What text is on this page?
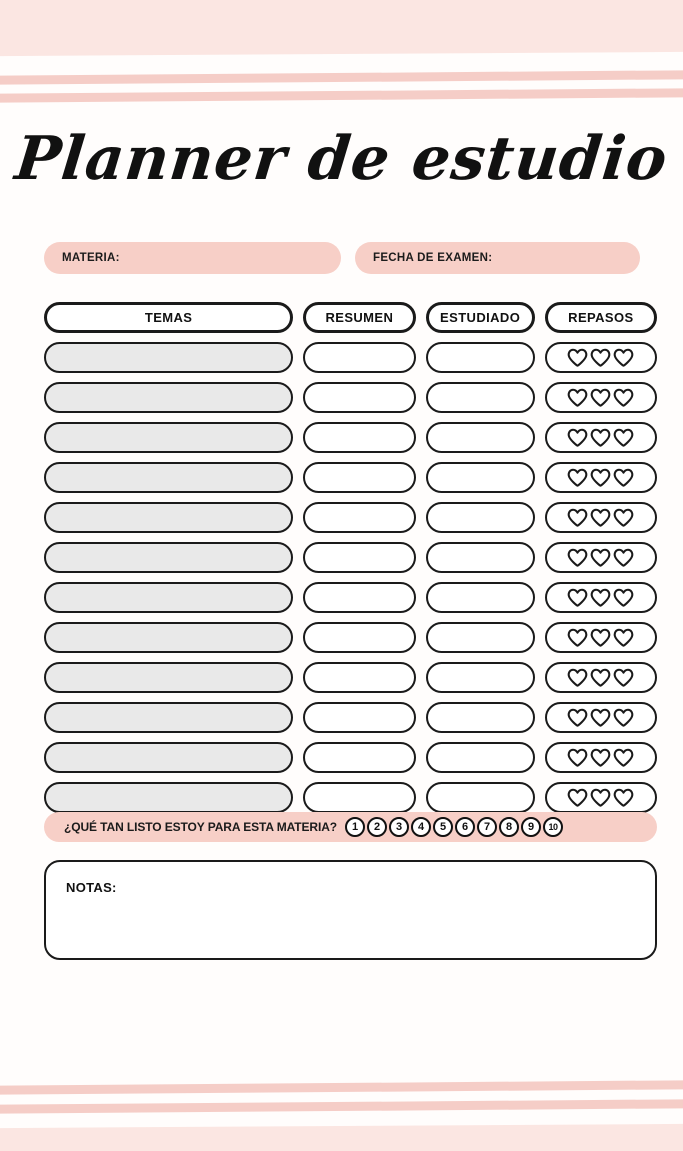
Planner de estudio
MATERIA:	FECHA DE EXAMEN:
TEMAS	RESUMEN	ESTUDIADO	REPASOS
¿QUÉ TAN LISTO ESTOY PARA ESTA MATERIA?	1	2	3	4	5	6	7	8	9	10
NOTAS:
